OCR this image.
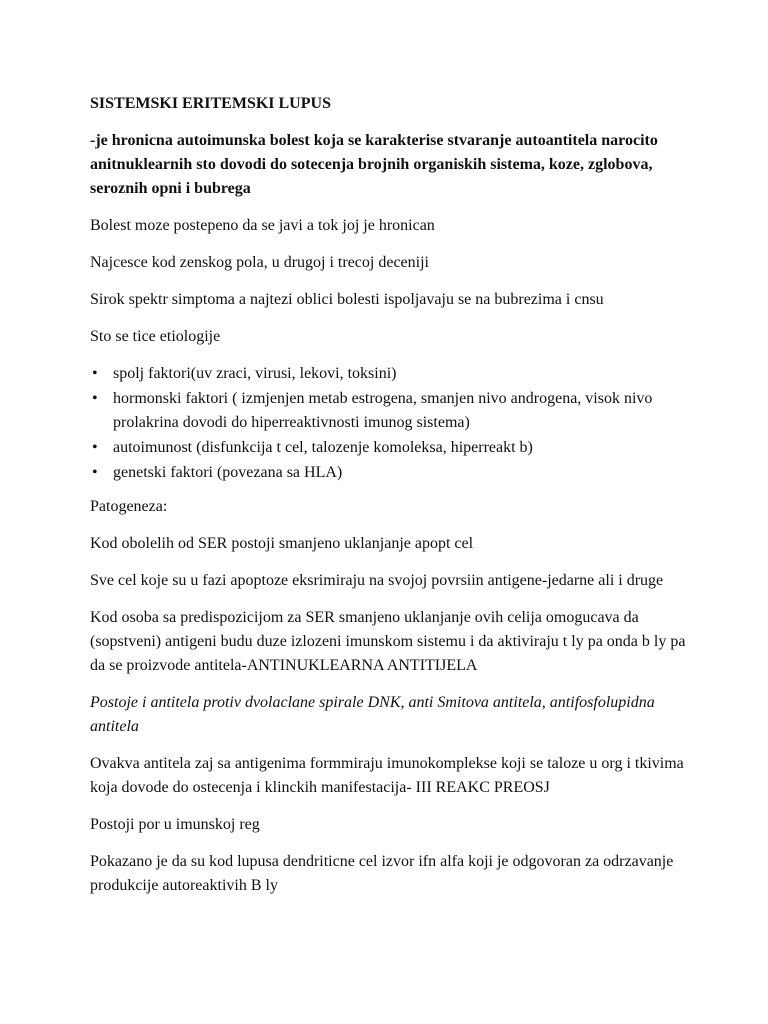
SISTEMSKI ERITEMSKI LUPUS

-je hronicna autoimunska bolest koja se karakterise stvaranje autoantitela narocito anitnuklearnih sto dovodi do sotecenja brojnih organiskih sistema, koze, zglobova, seroznih opni i bubrega

Bolest moze postepeno da se javi a tok joj je hronican

Najcesce kod zenskog pola, u drugoj i trecoj deceniji

Sirok spektr simptoma a najtezi oblici bolesti ispoljavaju se na bubrezima i cnsu

Sto se tice etiologije

• spolj faktori(uv zraci, virusi, lekovi, toksini)
• hormonski faktori ( izmjenjen metab estrogena, smanjen nivo androgena, visok nivo prolakrina dovodi do hiperreaktivnosti imunog sistema)
• autoimunost (disfunkcija t cel, talozenje komoleksa, hiperreakt b)
• genetski faktori (povezana sa HLA)

Patogeneza:

Kod obolelih od SER postoji smanjeno uklanjanje apopt cel

Sve cel koje su u fazi apoptoze eksrimiraju na svojoj povrsiin antigene-jedarne ali i druge

Kod osoba sa predispozicijom za SER smanjeno uklanjanje ovih celija omogucava da (sopstveni) antigeni budu duze izlozeni imunskom sistemu i da aktiviraju t ly pa onda b ly pa da se proizvode antitela-ANTINUKLEARNA ANTITIJELA

Postoje i antitela protiv dvolaclane spirale DNK, anti Smitova antitela, antifosfolupidna antitela

Ovakva antitela zaj sa antigenima formmiraju imunokomplekse koji se taloze u org i tkivima koja dovode do ostecenja i klinckih manifestacija- III REAKC PREOSJ

Postoji por u imunskoj reg

Pokazano je da su kod lupusa dendriticne cel izvor ifn alfa koji je odgovoran za odrzavanje produkcije autoreaktivih B ly
